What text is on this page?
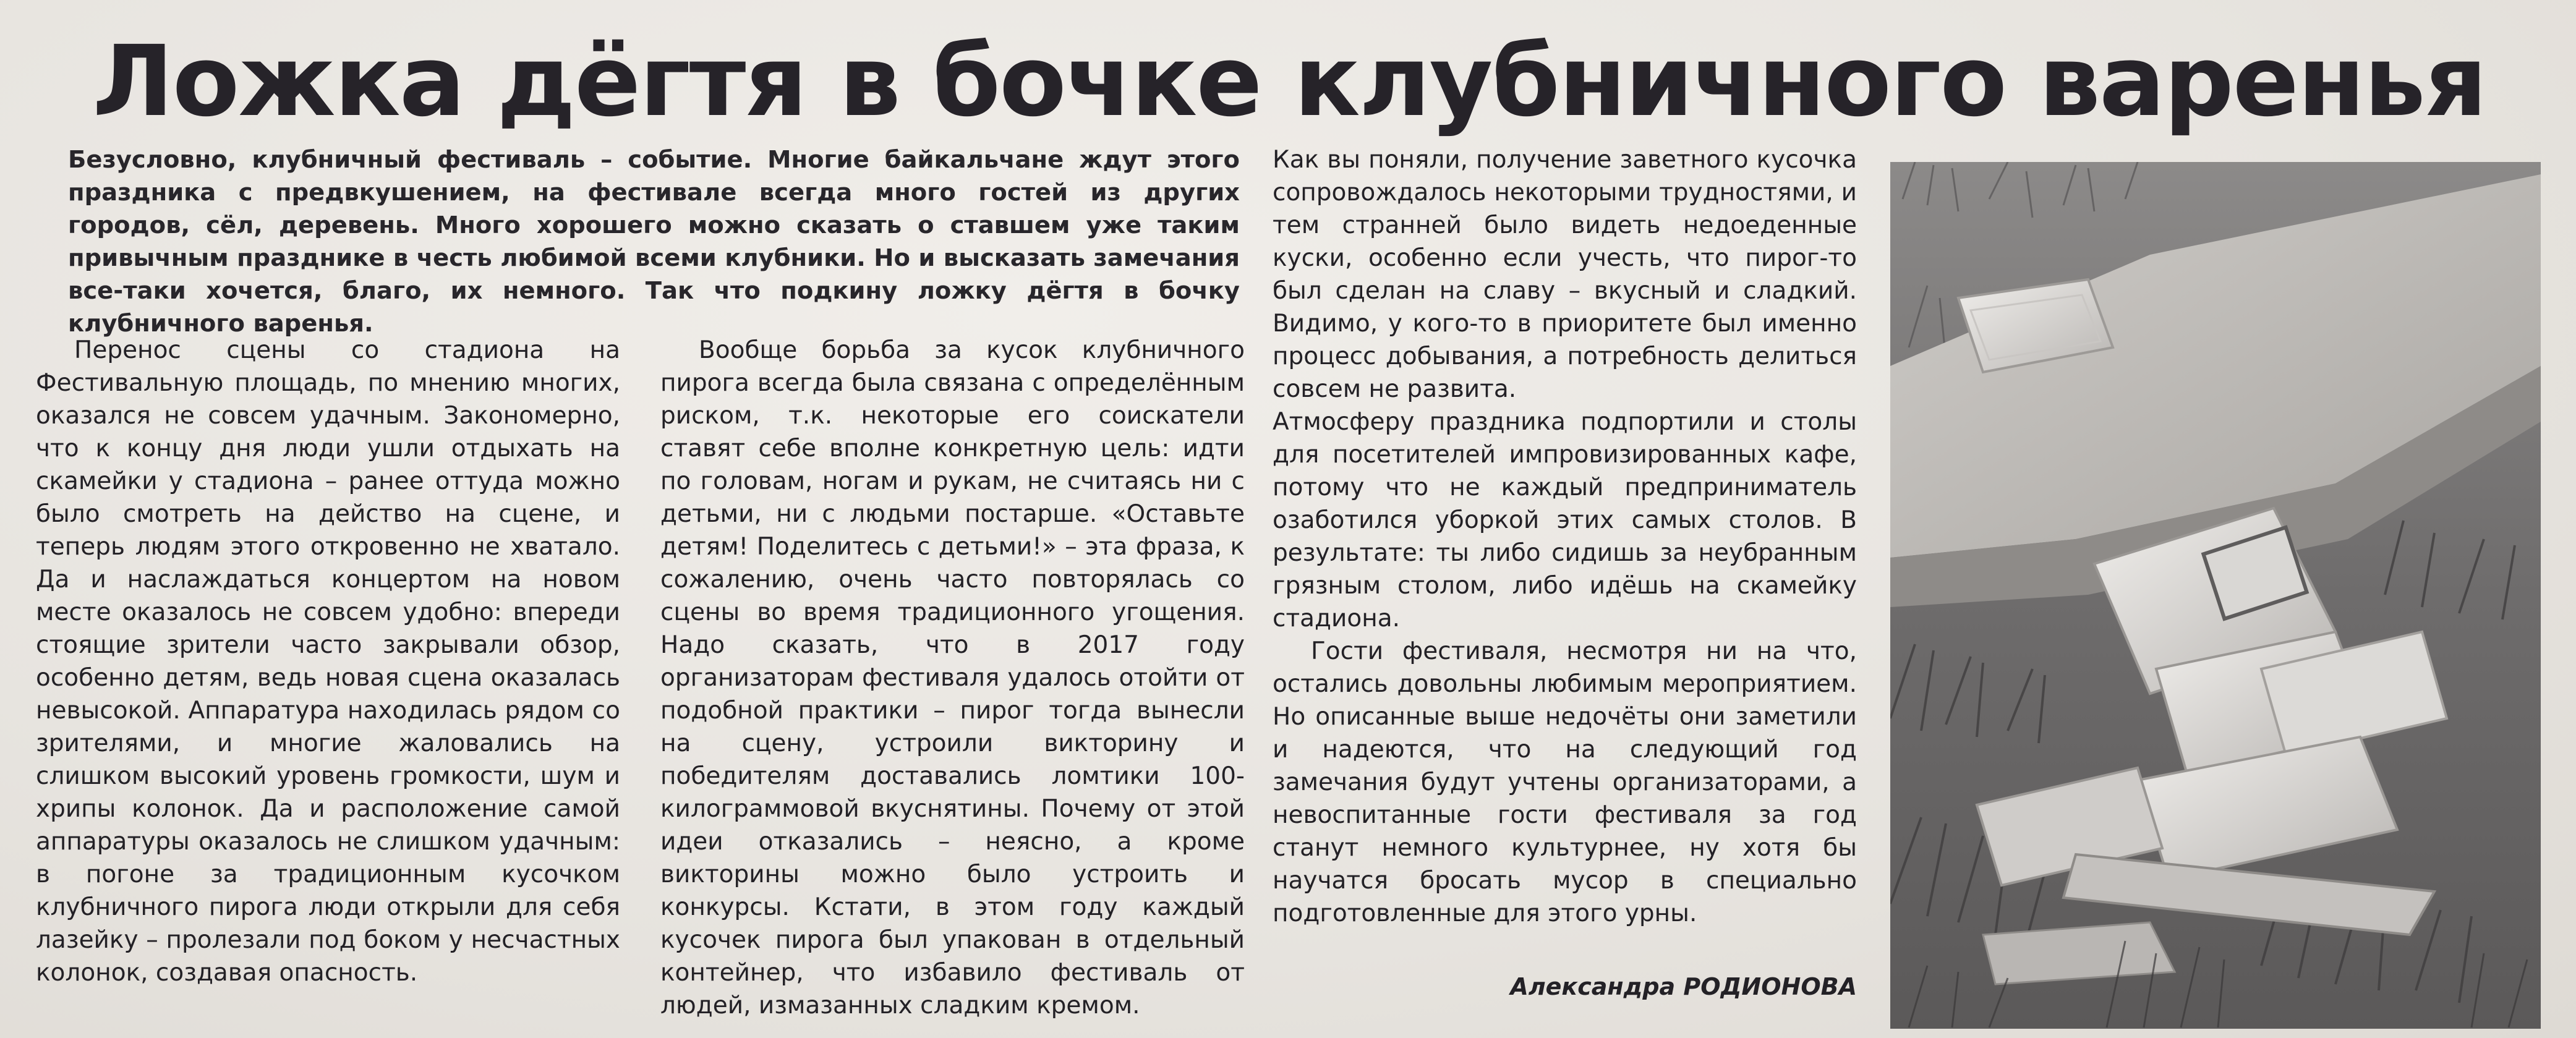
Ложка дёгтя в бочке клубничного варенья

Безусловно, клубничный фестиваль – событие. Многие байкальчане ждут этого праздника с предвкушением, на фестивале всегда много гостей из других городов, сёл, деревень. Много хорошего можно сказать о ставшем уже таким привычным празднике в честь любимой всеми клубники. Но и высказать замечания все-таки хочется, благо, их немного. Так что подкину ложку дёгтя в бочку клубничного варенья.

Перенос сцены со стадиона на Фестивальную площадь, по мнению многих, оказался не совсем удачным. Закономерно, что к концу дня люди ушли отдыхать на скамейки у стадиона – ранее оттуда можно было смотреть на действо на сцене, и теперь людям этого откровенно не хватало. Да и наслаждаться концертом на новом месте оказалось не совсем удобно: впереди стоящие зрители часто закрывали обзор, особенно детям, ведь новая сцена оказалась невысокой. Аппаратура находилась рядом со зрителями, и многие жаловались на слишком высокий уровень громкости, шум и хрипы колонок. Да и расположение самой аппаратуры оказалось не слишком удачным: в погоне за традиционным кусочком клубничного пирога люди открыли для себя лазейку – пролезали под боком у несчастных колонок, создавая опасность.

Вообще борьба за кусок клубничного пирога всегда была связана с определённым риском, т.к. некоторые его соискатели ставят себе вполне конкретную цель: идти по головам, ногам и рукам, не считаясь ни с детьми, ни с людьми постарше. «Оставьте детям! Поделитесь с детьми!» – эта фраза, к сожалению, очень часто повторялась со сцены во время традиционного угощения. Надо сказать, что в 2017 году организаторам фестиваля удалось отойти от подобной практики – пирог тогда вынесли на сцену, устроили викторину и победителям доставались ломтики 100-килограммовой вкуснятины. Почему от этой идеи отказались – неясно, а кроме викторины можно было устроить и конкурсы. Кстати, в этом году каждый кусочек пирога был упакован в отдельный контейнер, что избавило фестиваль от людей, измазанных сладким кремом.

Как вы поняли, получение заветного кусочка сопровождалось некоторыми трудностями, и тем странней было видеть недоеденные куски, особенно если учесть, что пирог-то был сделан на славу – вкусный и сладкий. Видимо, у кого-то в приоритете был именно процесс добывания, а потребность делиться совсем не развита.

Атмосферу праздника подпортили и столы для посетителей импровизированных кафе, потому что не каждый предприниматель озаботился уборкой этих самых столов. В результате: ты либо сидишь за неубранным грязным столом, либо идёшь на скамейку стадиона.

Гости фестиваля, несмотря ни на что, остались довольны любимым мероприятием. Но описанные выше недочёты они заметили и надеются, что на следующий год замечания будут учтены организаторами, а невоспитанные гости фестиваля за год станут немного культурнее, ну хотя бы научатся бросать мусор в специально подготовленные для этого урны.

Александра РОДИОНОВА
